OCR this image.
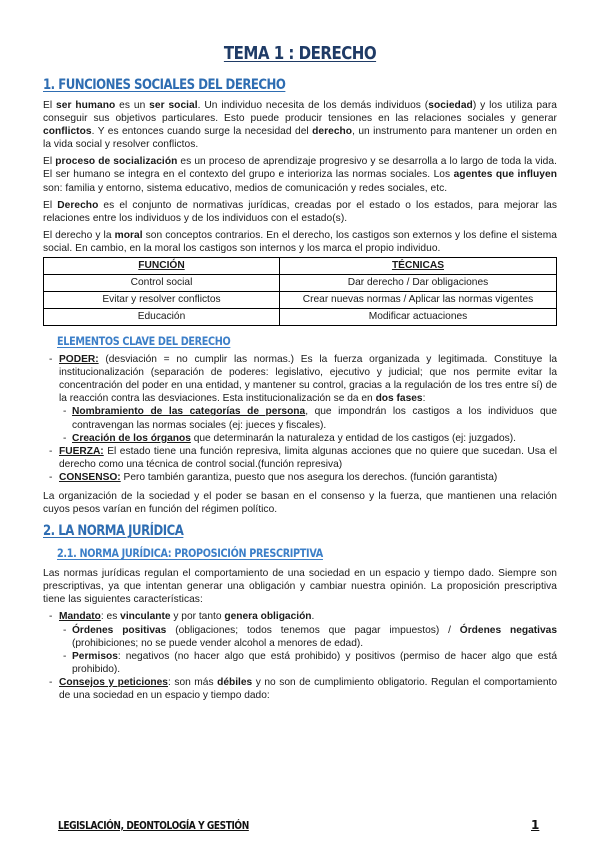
TEMA 1 : DERECHO
1. FUNCIONES SOCIALES DEL DERECHO

El ser humano es un ser social. Un individuo necesita de los demás individuos (sociedad) y los utiliza para conseguir sus objetivos particulares. Esto puede producir tensiones en las relaciones sociales y generar conflictos. Y es entonces cuando surge la necesidad del derecho, un instrumento para mantener un orden en la vida social y resolver conflictos.

El proceso de socialización es un proceso de aprendizaje progresivo y se desarrolla a lo largo de toda la vida. El ser humano se integra en el contexto del grupo e interioriza las normas sociales. Los agentes que influyen son: familia y entorno, sistema educativo, medios de comunicación y redes sociales, etc.

El Derecho es el conjunto de normativas jurídicas, creadas por el estado o los estados, para mejorar las relaciones entre los individuos y de los individuos con el estado(s).

El derecho y la moral son conceptos contrarios. En el derecho, los castigos son externos y los define el sistema social. En cambio, en la moral los castigos son internos y los marca el propio individuo.

FUNCIÓN	TÉCNICAS
Control social	Dar derecho / Dar obligaciones
Evitar y resolver conflictos	Crear nuevas normas / Aplicar las normas vigentes
Educación	Modificar actuaciones
ELEMENTOS CLAVE DEL DERECHO
- PODER: (desviación = no cumplir las normas.) Es la fuerza organizada y legitimada. Constituye la institucionalización (separación de poderes: legislativo, ejecutivo y judicial; que nos permite evitar la concentración del poder en una entidad, y mantener su control, gracias a la regulación de los tres entre sí) de la reacción contra las desviaciones. Esta institucionalización se da en dos fases:
- Nombramiento de las categorías de persona, que impondrán los castigos a los individuos que contravengan las normas sociales (ej: jueces y fiscales).
- Creación de los órganos que determinarán la naturaleza y entidad de los castigos (ej: juzgados).
- FUERZA: El estado tiene una función represiva, limita algunas acciones que no quiere que sucedan. Usa el derecho como una técnica de control social.(función represiva)
- CONSENSO: Pero también garantiza, puesto que nos asegura los derechos. (función garantista)

La organización de la sociedad y el poder se basan en el consenso y la fuerza, que mantienen una relación cuyos pesos varían en función del régimen político.

2. LA NORMA JURÍDICA
2.1. NORMA JURÍDICA: PROPOSICIÓN PRESCRIPTIVA

Las normas jurídicas regulan el comportamiento de una sociedad en un espacio y tiempo dado. Siempre son prescriptivas, ya que intentan generar una obligación y cambiar nuestra opinión. La proposición prescriptiva tiene las siguientes características:

- Mandato: es vinculante y por tanto genera obligación.
- Órdenes positivas (obligaciones; todos tenemos que pagar impuestos) / Órdenes negativas (prohibiciones; no se puede vender alcohol a menores de edad).
- Permisos: negativos (no hacer algo que está prohibido) y positivos (permiso de hacer algo que está prohibido).
- Consejos y peticiones: son más débiles y no son de cumplimiento obligatorio. Regulan el comportamiento de una sociedad en un espacio y tiempo dado:
LEGISLACIÓN, DEONTOLOGÍA Y GESTIÓN	1
